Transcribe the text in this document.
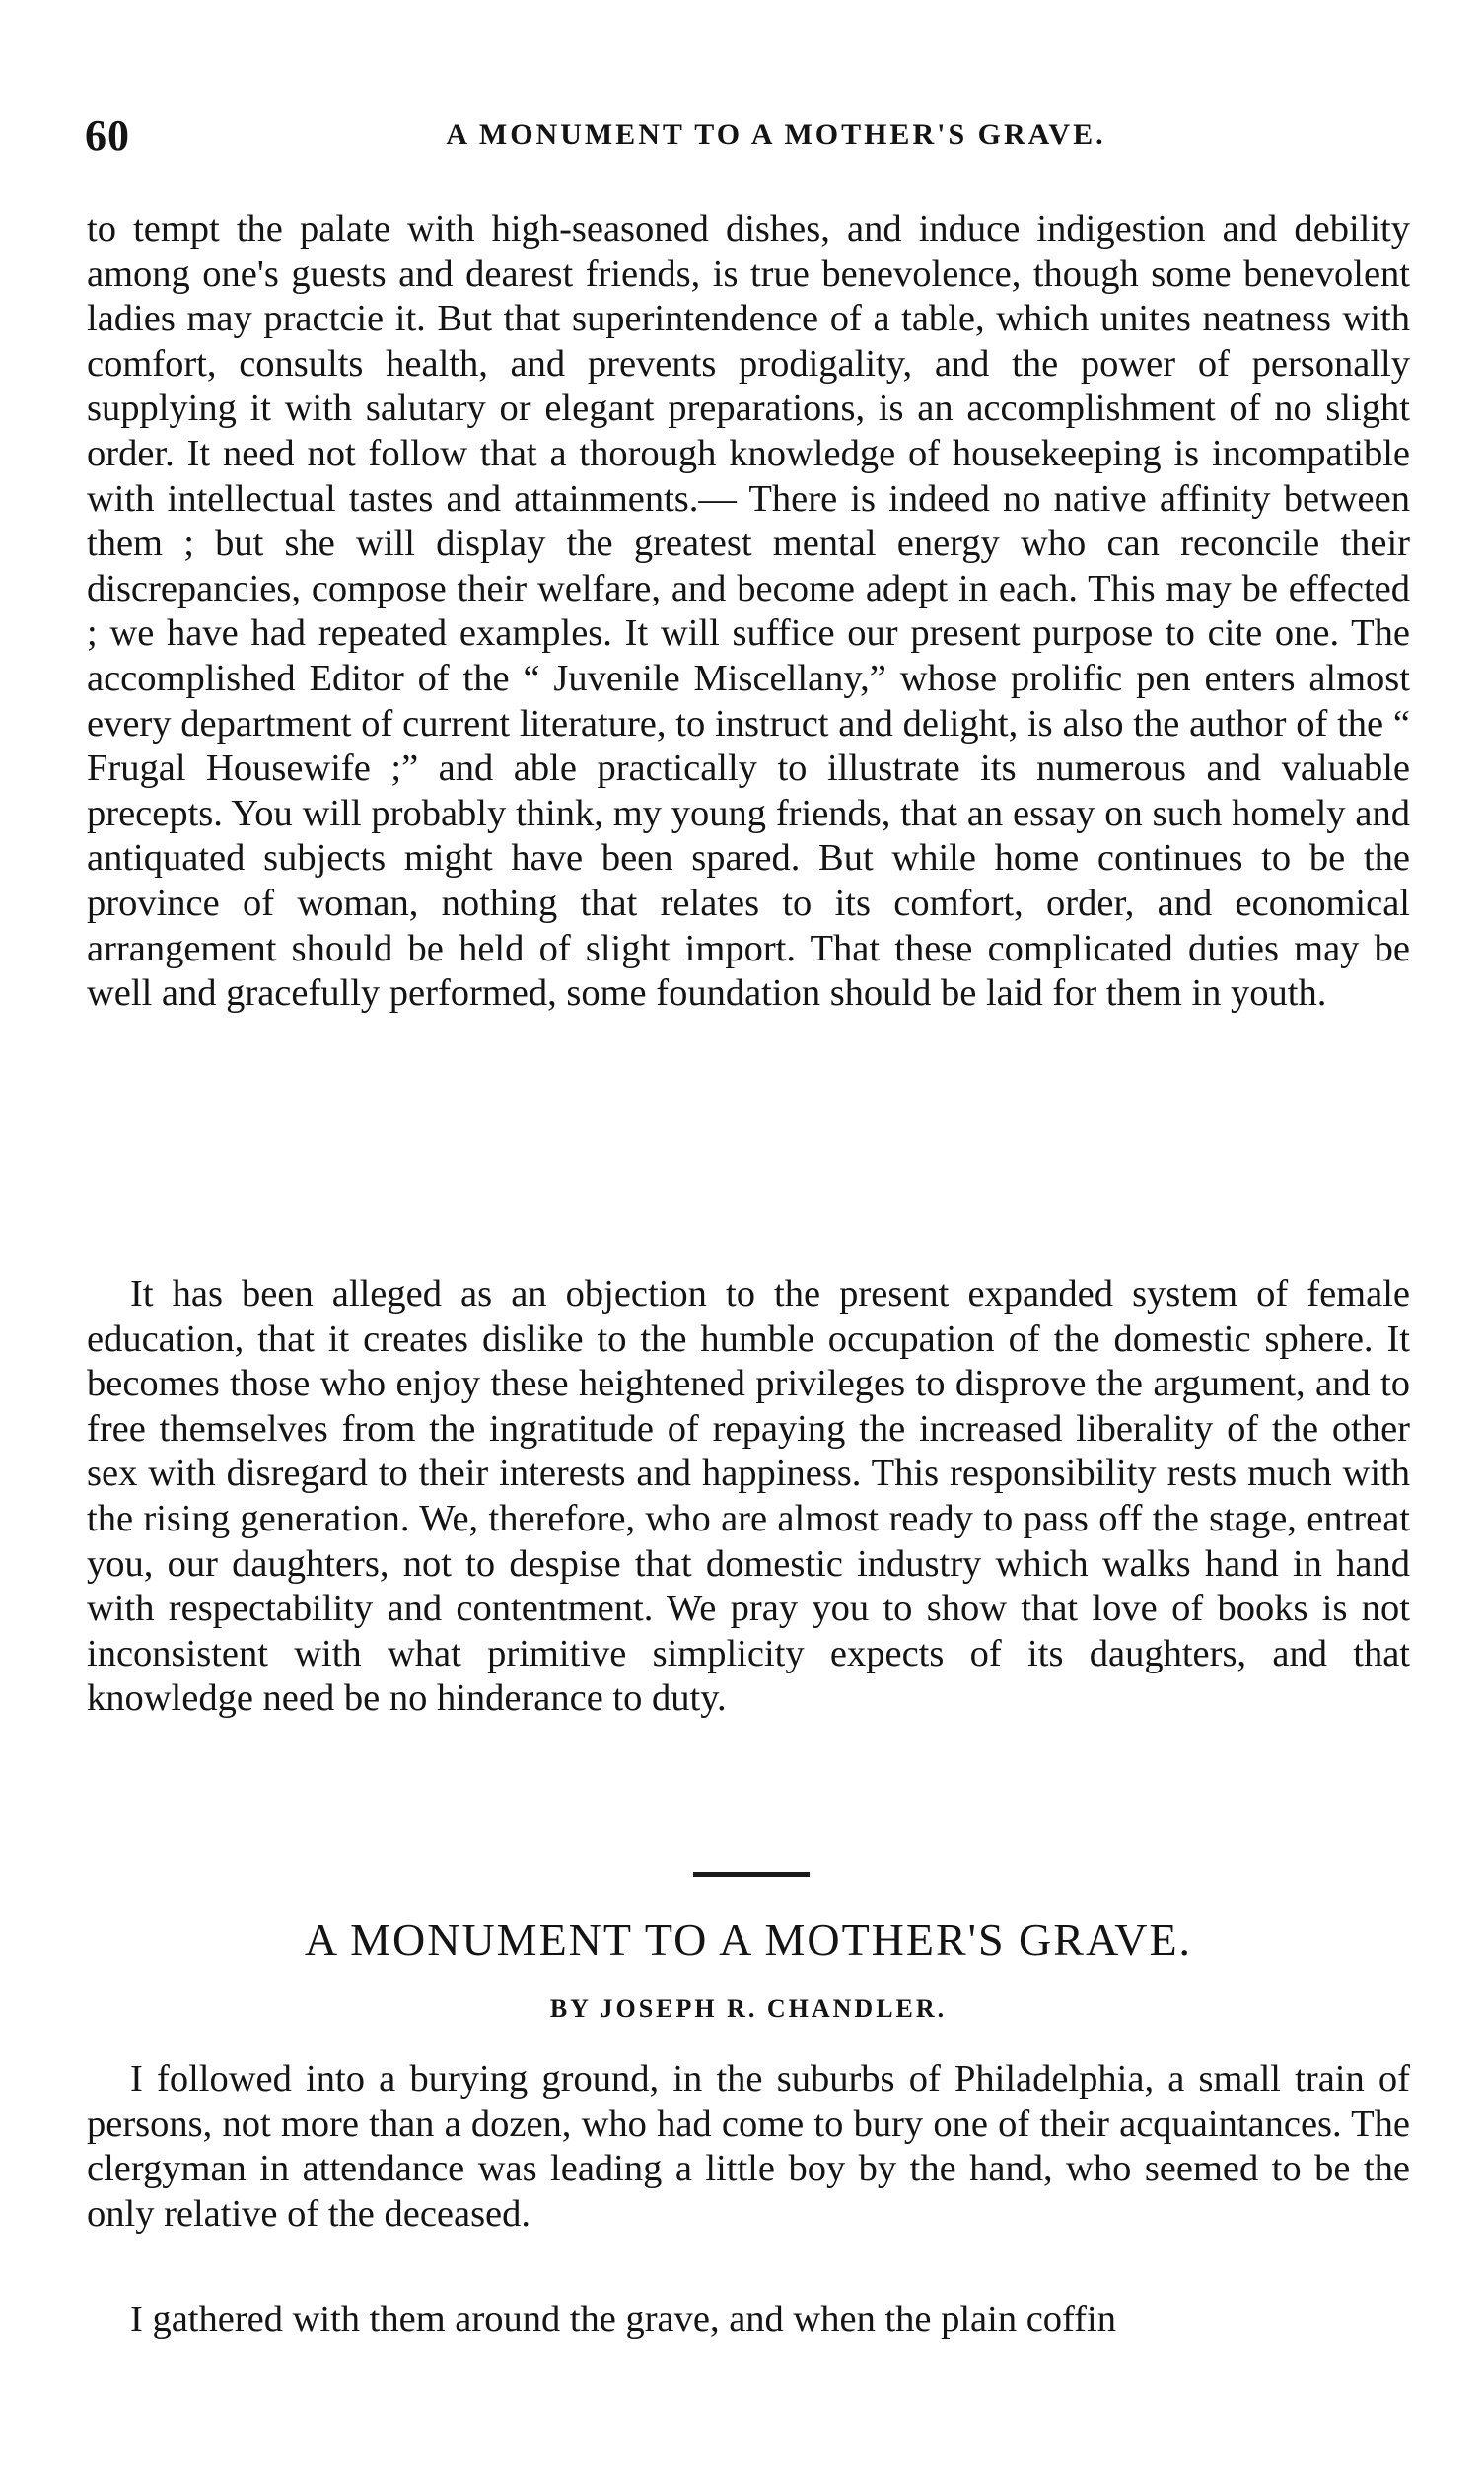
60	A MONUMENT TO A MOTHER'S GRAVE.

to tempt the palate with high-seasoned dishes, and induce indigestion and debility among one's guests and dearest friends, is true benevolence, though some benevolent ladies may practcie it. But that superintendence of a table, which unites neatness with comfort, consults health, and prevents prodigality, and the power of personally supplying it with salutary or elegant preparations, is an accomplishment of no slight order. It need not follow that a thorough knowledge of housekeeping is incompatible with intellectual tastes and attainments.— There is indeed no native affinity between them ; but she will display the greatest mental energy who can reconcile their discrepancies, compose their welfare, and become adept in each. This may be effected ; we have had repeated examples. It will suffice our present purpose to cite one. The accomplished Editor of the “ Juvenile Miscellany,” whose prolific pen enters almost every department of current literature, to instruct and delight, is also the author of the “ Frugal Housewife ;” and able practically to illustrate its numerous and valuable precepts. You will probably think, my young friends, that an essay on such homely and antiquated subjects might have been spared. But while home continues to be the province of woman, nothing that relates to its comfort, order, and economical arrangement should be held of slight import. That these complicated duties may be well and gracefully performed, some foundation should be laid for them in youth.

It has been alleged as an objection to the present expanded system of female education, that it creates dislike to the humble occupation of the domestic sphere. It becomes those who enjoy these heightened privileges to disprove the argument, and to free themselves from the ingratitude of repaying the increased liberality of the other sex with disregard to their interests and happiness. This responsibility rests much with the rising generation. We, therefore, who are almost ready to pass off the stage, entreat you, our daughters, not to despise that domestic industry which walks hand in hand with respectability and contentment. We pray you to show that love of books is not inconsistent with what primitive simplicity expects of its daughters, and that knowledge need be no hinderance to duty.

A MONUMENT TO A MOTHER'S GRAVE.
BY JOSEPH R. CHANDLER.

I followed into a burying ground, in the suburbs of Philadelphia, a small train of persons, not more than a dozen, who had come to bury one of their acquaintances. The clergyman in attendance was leading a little boy by the hand, who seemed to be the only relative of the deceased.

I gathered with them around the grave, and when the plain coffin
